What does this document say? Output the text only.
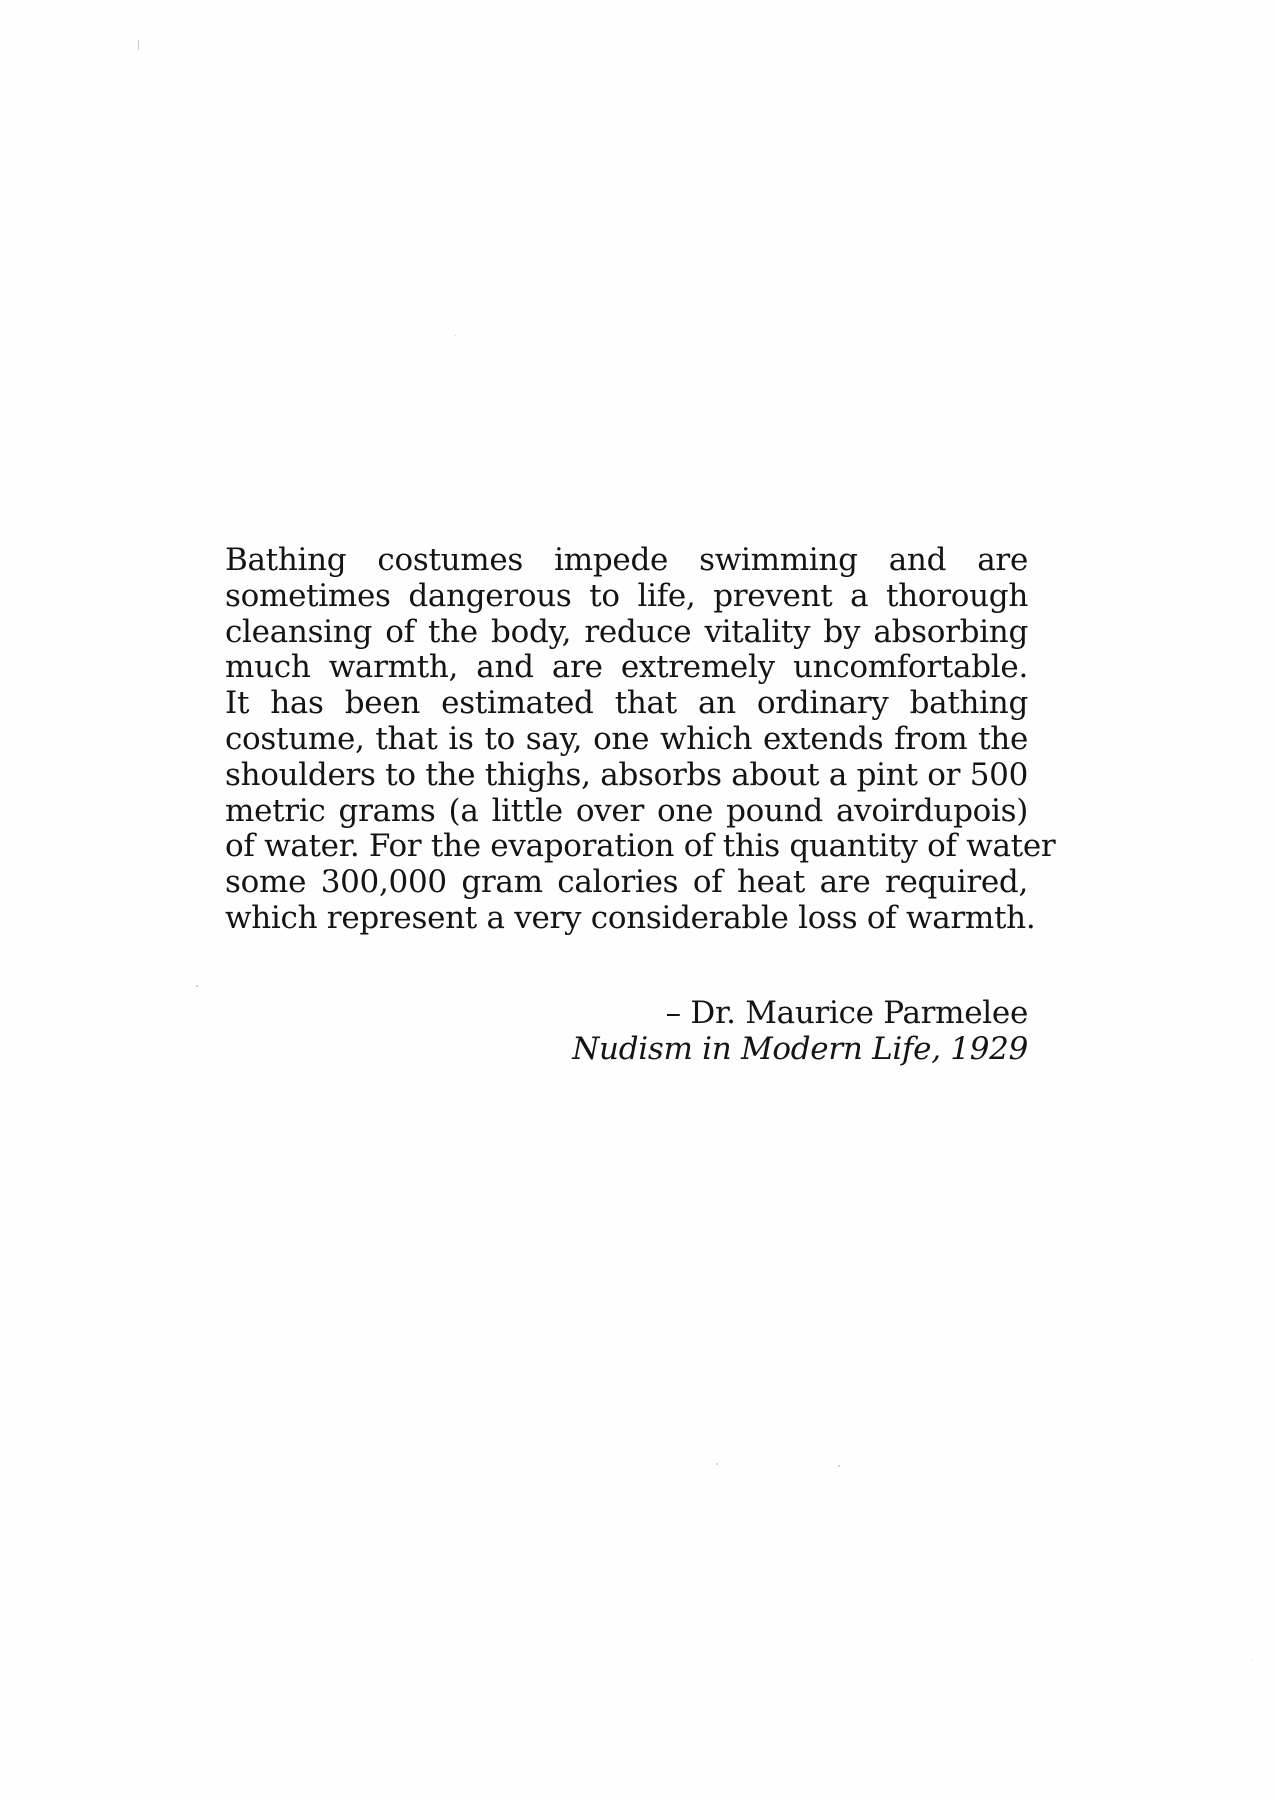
Bathing costumes impede swimming and are
sometimes dangerous to life, prevent a thorough
cleansing of the body, reduce vitality by absorbing
much warmth, and are extremely uncomfortable.
It has been estimated that an ordinary bathing
costume, that is to say, one which extends from the
shoulders to the thighs, absorbs about a pint or 500
metric grams (a little over one pound avoirdupois)
of water. For the evaporation of this quantity of water
some 300,000 gram calories of heat are required,
which represent a very considerable loss of warmth.
– Dr. Maurice Parmelee
Nudism in Modern Life, 1929
